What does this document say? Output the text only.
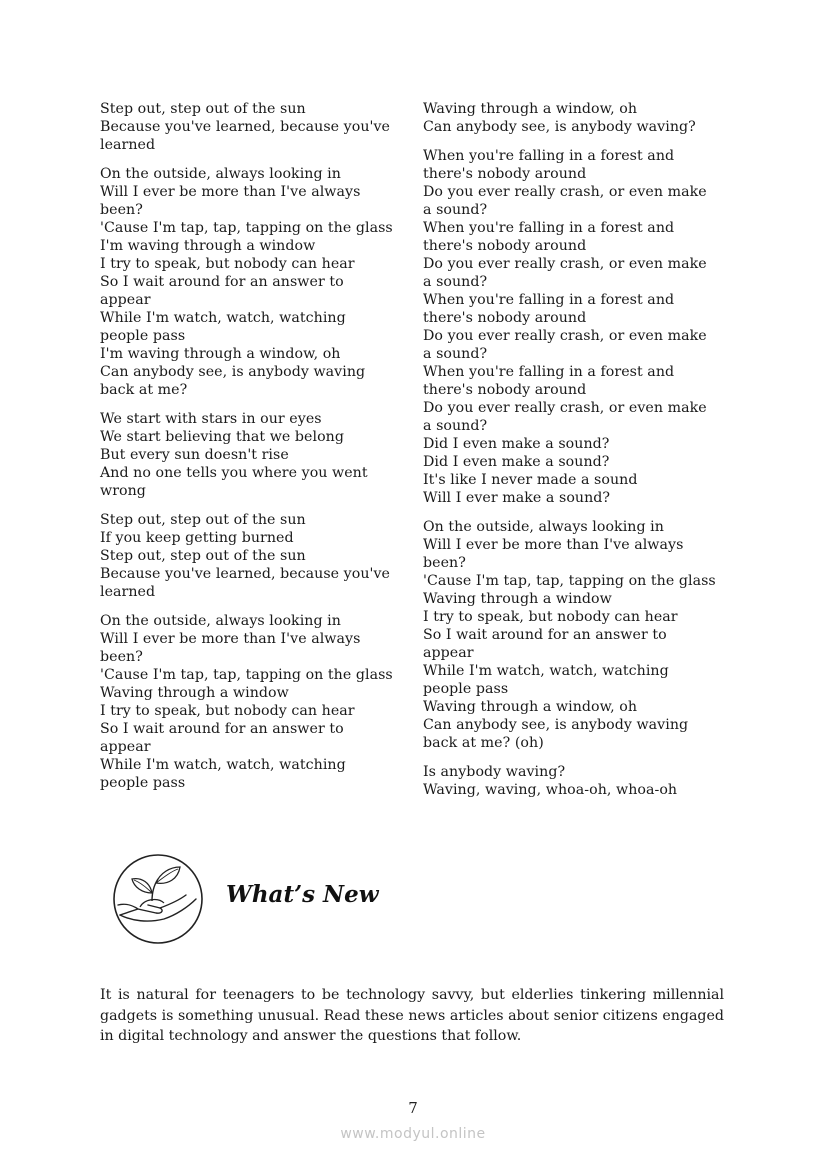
Step out, step out of the sun
Because you've learned, because you've
learned
On the outside, always looking in
Will I ever be more than I've always
been?
'Cause I'm tap, tap, tapping on the glass
I'm waving through a window
I try to speak, but nobody can hear
So I wait around for an answer to
appear
While I'm watch, watch, watching
people pass
I'm waving through a window, oh
Can anybody see, is anybody waving
back at me?
We start with stars in our eyes
We start believing that we belong
But every sun doesn't rise
And no one tells you where you went
wrong
Step out, step out of the sun
If you keep getting burned
Step out, step out of the sun
Because you've learned, because you've
learned
On the outside, always looking in
Will I ever be more than I've always
been?
'Cause I'm tap, tap, tapping on the glass
Waving through a window
I try to speak, but nobody can hear
So I wait around for an answer to
appear
While I'm watch, watch, watching
people pass
Waving through a window, oh
Can anybody see, is anybody waving?
When you're falling in a forest and
there's nobody around
Do you ever really crash, or even make
a sound?
When you're falling in a forest and
there's nobody around
Do you ever really crash, or even make
a sound?
When you're falling in a forest and
there's nobody around
Do you ever really crash, or even make
a sound?
When you're falling in a forest and
there's nobody around
Do you ever really crash, or even make
a sound?
Did I even make a sound?
Did I even make a sound?
It's like I never made a sound
Will I ever make a sound?
On the outside, always looking in
Will I ever be more than I've always
been?
'Cause I'm tap, tap, tapping on the glass
Waving through a window
I try to speak, but nobody can hear
So I wait around for an answer to
appear
While I'm watch, watch, watching
people pass
Waving through a window, oh
Can anybody see, is anybody waving
back at me? (oh)
Is anybody waving?
Waving, waving, whoa-oh, whoa-oh
What’s New

It is natural for teenagers to be technology savvy, but elderlies tinkering millennial gadgets is something unusual. Read these news articles about senior citizens engaged in digital technology and answer the questions that follow.

7
www.modyul.online
